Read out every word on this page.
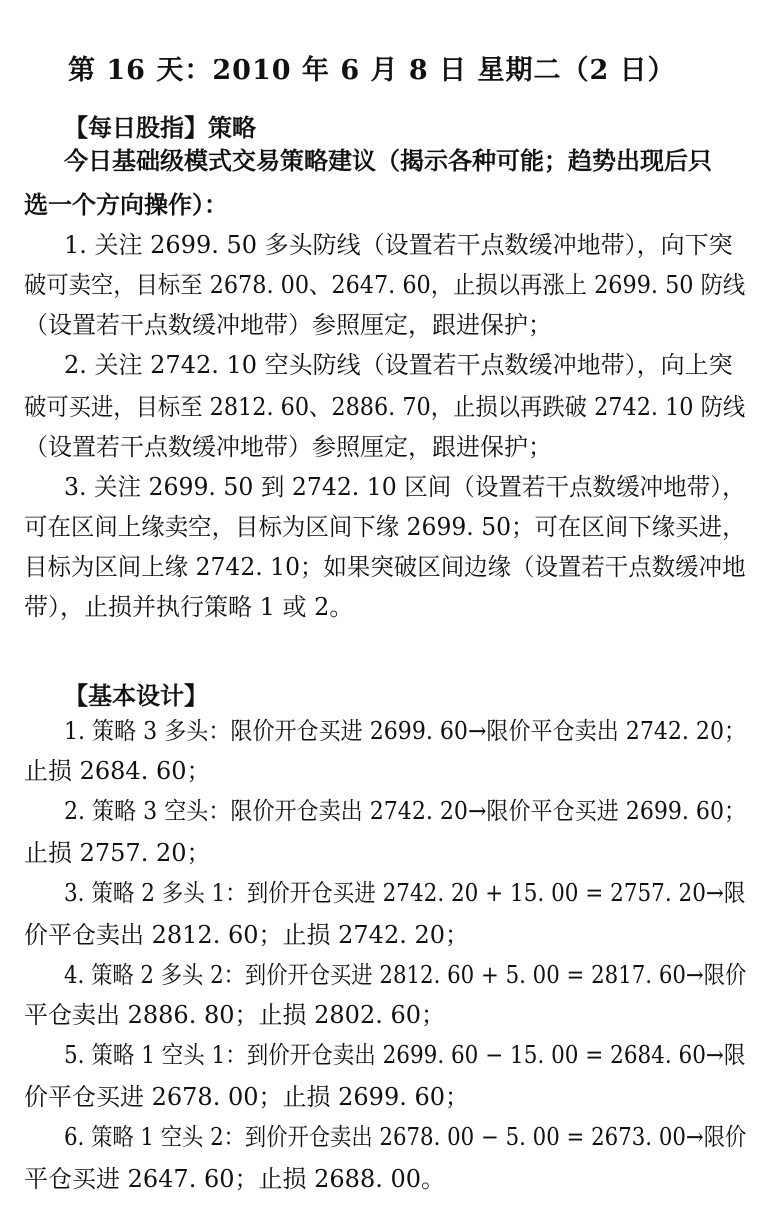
第 16 天：2010 年 6 月 8 日 星期二（2 日）
【每日股指】策略
今日基础级模式交易策略建议（揭示各种可能；趋势出现后只
选一个方向操作）：
1. 关注 2699. 50 多头防线（设置若干点数缓冲地带），向下突
破可卖空，目标至 2678. 00、2647. 60，止损以再涨上 2699. 50 防线
（设置若干点数缓冲地带）参照厘定，跟进保护；
2. 关注 2742. 10 空头防线（设置若干点数缓冲地带），向上突
破可买进，目标至 2812. 60、2886. 70，止损以再跌破 2742. 10 防线
（设置若干点数缓冲地带）参照厘定，跟进保护；
3. 关注 2699. 50 到 2742. 10 区间（设置若干点数缓冲地带），
可在区间上缘卖空，目标为区间下缘 2699. 50；可在区间下缘买进，
目标为区间上缘 2742. 10；如果突破区间边缘（设置若干点数缓冲地
带），止损并执行策略 1 或 2。
【基本设计】
1. 策略 3 多头：限价开仓买进 2699. 60→限价平仓卖出 2742. 20；
止损 2684. 60；
2. 策略 3 空头：限价开仓卖出 2742. 20→限价平仓买进 2699. 60；
止损 2757. 20；
3. 策略 2 多头 1：到价开仓买进 2742. 20 + 15. 00 = 2757. 20→限
价平仓卖出 2812. 60；止损 2742. 20；
4. 策略 2 多头 2：到价开仓买进 2812. 60 + 5. 00 = 2817. 60→限价
平仓卖出 2886. 80；止损 2802. 60；
5. 策略 1 空头 1：到价开仓卖出 2699. 60 − 15. 00 = 2684. 60→限
价平仓买进 2678. 00；止损 2699. 60；
6. 策略 1 空头 2：到价开仓卖出 2678. 00 − 5. 00 = 2673. 00→限价
平仓买进 2647. 60；止损 2688. 00。
